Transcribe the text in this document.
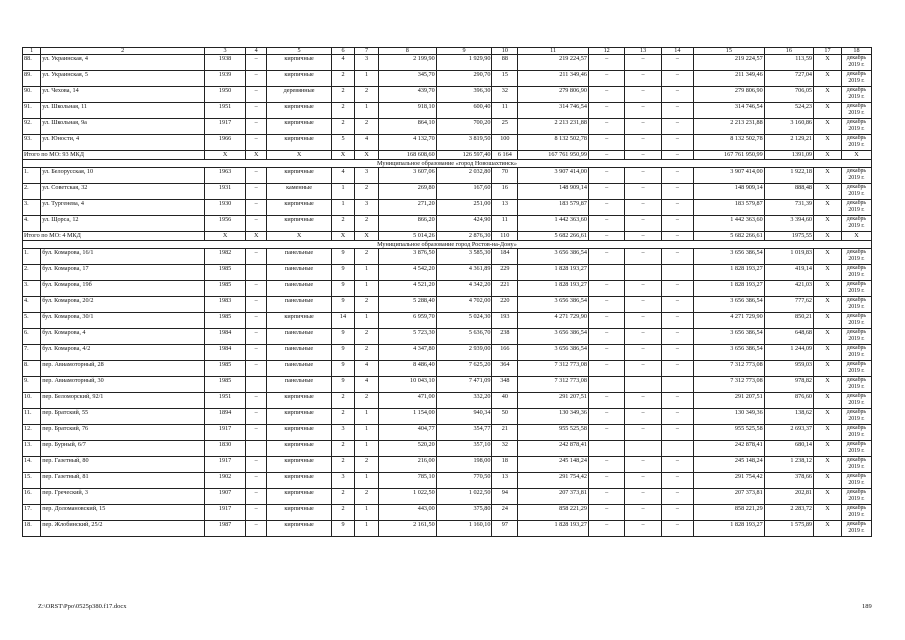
1	2	3	4	5	6	7	8	9	10	11	12	13	14	15	16	17	18
88.	ул. Украинская, 4	1938	–	кирпичные	4	3	2 199,90	1 929,90	88	219 224,57	–	–	–	219 224,57	113,59	X	декабрь 2019 г.
89.	ул. Украинская, 5	1939	–	кирпичные	2	1	345,70	290,70	15	211 349,46	–	–	–	211 349,46	727,04	X	декабрь 2019 г.
90.	ул. Чехова, 14	1950	–	деревянные	2	2	439,70	396,30	32	279 806,90	–	–	–	279 806,90	706,05	X	декабрь 2019 г.
91.	ул. Школьная, 11	1951	–	кирпичные	2	1	918,10	600,40	11	314 746,54	–	–	–	314 746,54	524,23	X	декабрь 2019 г.
92.	ул. Школьная, 9а	1917	–	кирпичные	2	2	864,10	700,20	25	2 213 231,88	–	–	–	2 213 231,88	3 160,86	X	декабрь 2019 г.
93.	ул. Юности, 4	1966	–	кирпичные	5	4	4 132,70	3 819,50	100	8 132 502,78	–	–	–	8 132 502,78	2 129,21	X	декабрь 2019 г.
Итого по МО: 93 МКД		X	X	X	X	X	168 608,60	126 597,40	6 164	167 761 950,99	–	–	–	167 761 950,99	1391,09	X	X
Муниципальное образование «город Новошахтинск»																	
1.	ул. Белорусская, 10	1963	–	кирпичные	4	3	3 607,06	2 032,80	70	3 907 414,00	–	–	–	3 907 414,00	1 922,18	X	декабрь 2019 г.
2.	ул. Советская, 32	1931	–	каменные	1	2	269,80	167,60	16	148 909,14	–	–	–	148 909,14	888,48	X	декабрь 2019 г.
3.	ул. Тургенева, 4	1930	–	кирпичные	1	3	271,20	251,00	13	183 579,87	–	–	–	183 579,87	731,39	X	декабрь 2019 г.
4.	ул. Щорса, 12	1956	–	кирпичные	2	2	866,20	424,90	11	1 442 363,60	–	–	–	1 442 363,60	3 394,60	X	декабрь 2019 г.
Итого по МО: 4 МКД		X	X	X	X	X	5 014,26	2 876,30	110	5 682 266,61	–	–	–	5 682 266,61	1975,55	X	X
Муниципальное образование город Ростов-на-Дону»																	
1.	бул. Комарова, 16/1	1982	–	панельные	9	2	3 876,50	3 585,30	184	3 656 386,54	–	–	–	3 656 386,54	1 019,83	X	декабрь 2019 г.
2.	бул. Комарова, 17	1985		панельные	9	1	4 542,20	4 361,89	229	1 828 193,27				1 828 193,27	419,14	X	декабрь 2019 г.
3.	бул. Комарова, 19б	1985	–	панельные	9	1	4 521,20	4 342,20	221	1 828 193,27	–	–	–	1 828 193,27	421,03	X	декабрь 2019 г.
4.	бул. Комарова, 20/2	1983	–	панельные	9	2	5 288,40	4 702,00	220	3 656 386,54	–	–	–	3 656 386,54	777,62	X	декабрь 2019 г.
5.	бул. Комарова, 30/1	1985	–	кирпичные	14	1	6 959,70	5 024,30	193	4 271 729,90	–	–	–	4 271 729,90	850,21	X	декабрь 2019 г.
6.	бул. Комарова, 4	1984	–	панельные	9	2	5 723,30	5 636,70	238	3 656 386,54	–	–	–	3 656 386,54	648,68	X	декабрь 2019 г.
7.	бул. Комарова, 4/2	1984	–	панельные	9	2	4 347,80	2 939,00	166	3 656 386,54	–	–	–	3 656 386,54	1 244,09	X	декабрь 2019 г.
8.	пер. Авиамоторный, 28	1985	–	панельные	9	4	8 486,40	7 625,20	364	7 312 773,08	–	–	–	7 312 773,08	959,03	X	декабрь 2019 г.
9.	пер. Авиамоторный, 30	1985		панельные	9	4	10 043,10	7 471,09	348	7 312 773,08				7 312 773,08	978,82	X	декабрь 2019 г.
10.	пер. Беломорский, 92/1	1951	–	кирпичные	2	2	471,00	332,20	40	291 207,51	–	–	–	291 207,51	876,60	X	декабрь 2019 г.
11.	пер. Братский, 55	1894	–	кирпичные	2	1	1 154,00	940,34	50	130 349,36	–	–	–	130 349,36	138,62	X	декабрь 2019 г.
12.	пер. Братский, 76	1917	–	кирпичные	3	1	404,77	354,77	21	955 525,58	–	–	–	955 525,58	2 693,37	X	декабрь 2019 г.
13.	пер. Бурный, 6/7	1830		кирпичные	2	1	520,20	357,10	32	242 878,41				242 878,41	680,14	X	декабрь 2019 г.
14.	пер. Газетный, 80	1917	–	кирпичные	2	2	216,00	198,00	18	245 148,24	–	–	–	245 148,24	1 238,12	X	декабрь 2019 г.
15.	пер. Газетный, 81	1902	–	кирпичные	3	1	785,10	770,50	13	291 754,42	–	–	–	291 754,42	378,66	X	декабрь 2019 г.
16.	пер. Греческий, 3	1907	–	кирпичные	2	2	1 022,50	1 022,50	94	207 373,81	–	–	–	207 373,81	202,81	X	декабрь 2019 г.
17.	пер. Доломановский, 15	1917	–	кирпичные	2	1	443,00	375,80	24	858 221,29	–	–	–	858 221,29	2 283,72	X	декабрь 2019 г.
18.	пер. Жлобинский, 25/2	1987	–	кирпичные	9	1	2 161,50	1 160,10	97	1 828 193,27	–	–	–	1 828 193,27	1 575,89	X	декабрь 2019 г.
Z:\ORST\Ppo\0525p380.f17.docx	189
